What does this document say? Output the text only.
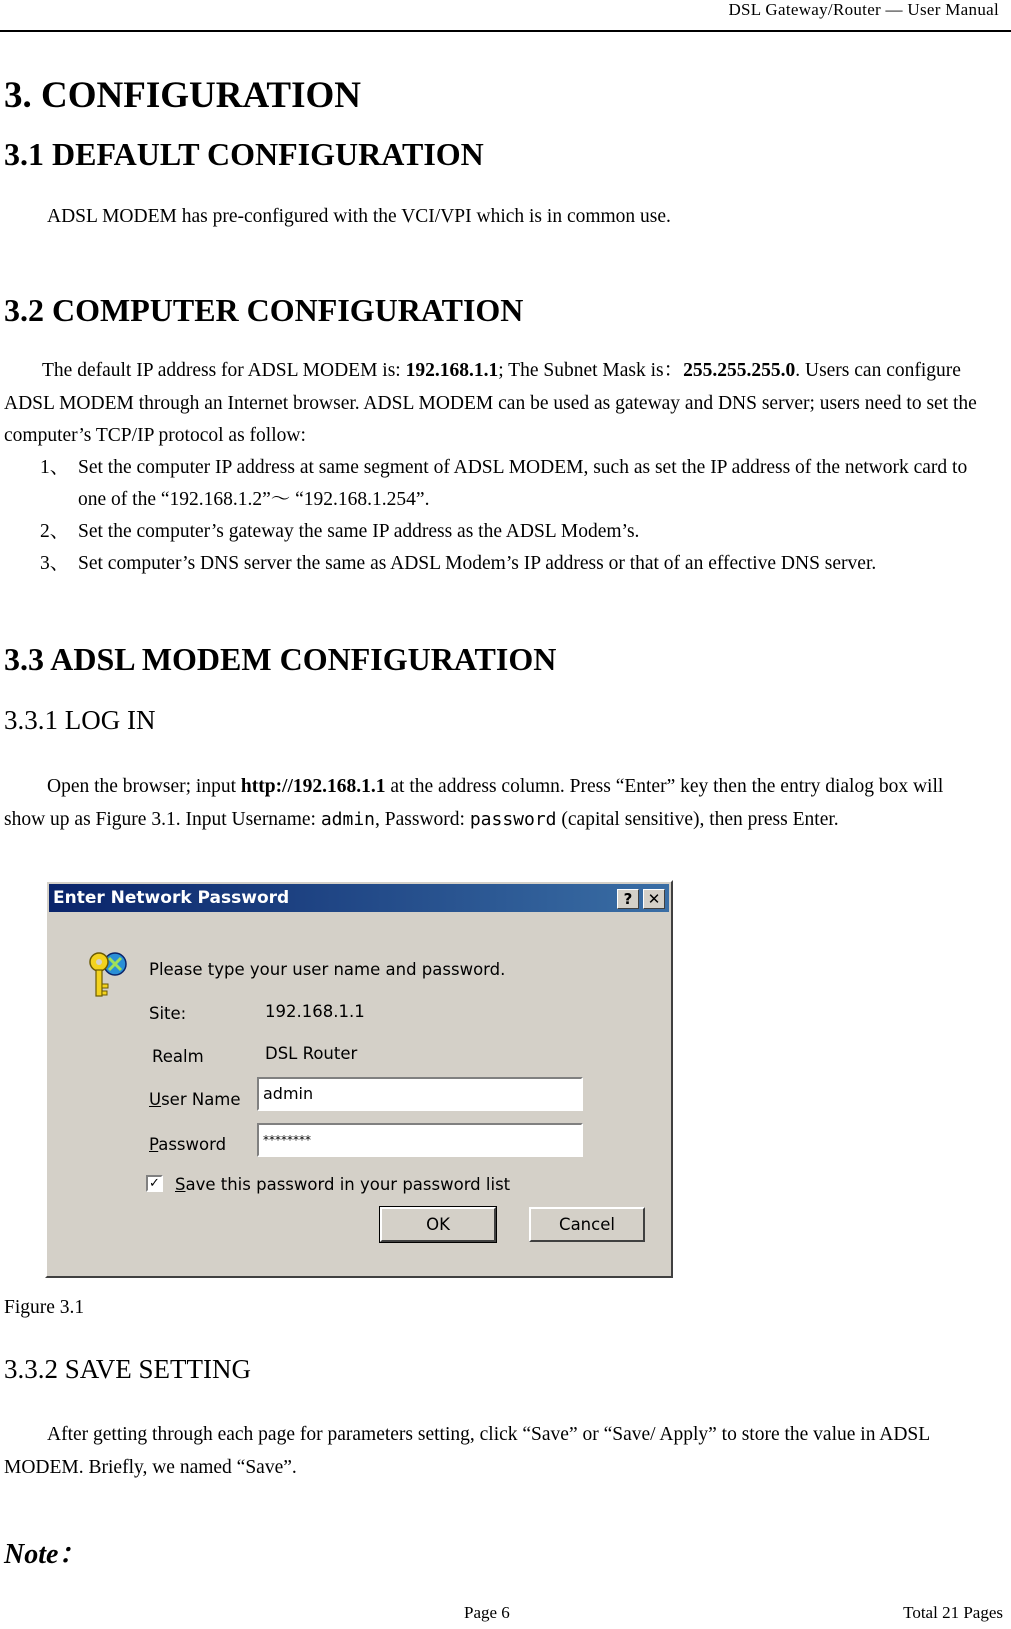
DSL Gateway/Router — User Manual
3. CONFIGURATION
3.1 DEFAULT CONFIGURATION
ADSL MODEM has pre-configured with the VCI/VPI which is in common use.
3.2 COMPUTER CONFIGURATION
The default IP address for ADSL MODEM is: 192.168.1.1; The Subnet Mask is：255.255.255.0. Users can configure ADSL MODEM through an Internet browser. ADSL MODEM can be used as gateway and DNS server; users need to set the computer’s TCP/IP protocol as follow:
1、 Set the computer IP address at same segment of ADSL MODEM, such as set the IP address of the network card to one of the “192.168.1.2”～ “192.168.1.254”.
2、 Set the computer’s gateway the same IP address as the ADSL Modem’s.
3、 Set computer’s DNS server the same as ADSL Modem’s IP address or that of an effective DNS server.
3.3 ADSL MODEM CONFIGURATION
3.3.1 LOG IN
Open the browser; input http://192.168.1.1 at the address column. Press “Enter” key then the entry dialog box will show up as Figure 3.1. Input Username: admin, Password: password (capital sensitive), then press Enter.
Enter Network Password	?	✕
Please type your user name and password.
Site:	192.168.1.1
Realm	DSL Router
User Name	admin
Password	********
✓ Save this password in your password list
OK	Cancel
Figure 3.1
3.3.2 SAVE SETTING
After getting through each page for parameters setting, click “Save” or “Save/ Apply” to store the value in ADSL MODEM. Briefly, we named “Save”.
Note：
Page 6	Total 21 Pages
